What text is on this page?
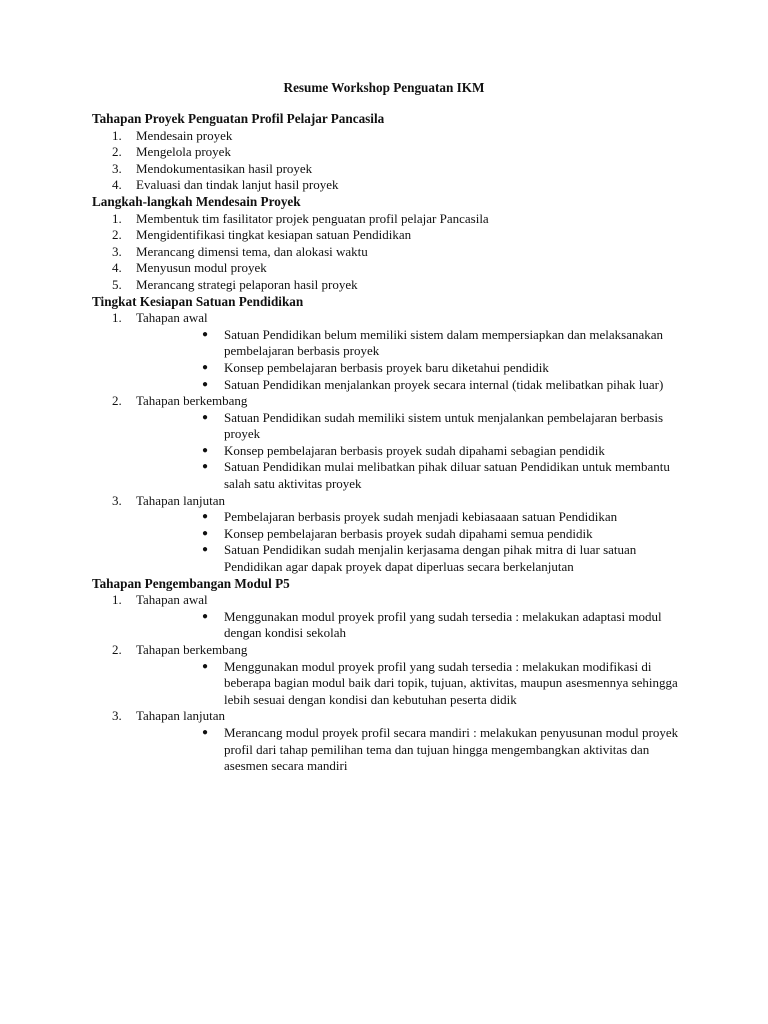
Resume Workshop Penguatan IKM
Tahapan Proyek Penguatan Profil Pelajar Pancasila
1.	Mendesain proyek
2.	Mengelola proyek
3.	Mendokumentasikan hasil proyek
4.	Evaluasi dan tindak lanjut hasil proyek
Langkah-langkah Mendesain Proyek
1.	Membentuk tim fasilitator projek penguatan profil pelajar Pancasila
2.	Mengidentifikasi tingkat kesiapan satuan Pendidikan
3.	Merancang dimensi tema, dan alokasi waktu
4.	Menyusun modul proyek
5.	Merancang strategi pelaporan hasil proyek
Tingkat Kesiapan Satuan Pendidikan
1.	Tahapan awal
● Satuan Pendidikan belum memiliki sistem dalam mempersiapkan dan melaksanakan pembelajaran berbasis proyek
● Konsep pembelajaran berbasis proyek baru diketahui pendidik
● Satuan Pendidikan menjalankan proyek secara internal (tidak melibatkan pihak luar)
2.	Tahapan berkembang
● Satuan Pendidikan sudah memiliki sistem untuk menjalankan pembelajaran berbasis proyek
● Konsep pembelajaran berbasis proyek sudah dipahami sebagian pendidik
● Satuan Pendidikan mulai melibatkan pihak diluar satuan Pendidikan untuk membantu salah satu aktivitas proyek
3.	Tahapan lanjutan
● Pembelajaran berbasis proyek sudah menjadi kebiasaaan satuan Pendidikan
● Konsep pembelajaran berbasis proyek sudah dipahami semua pendidik
● Satuan Pendidikan sudah menjalin kerjasama dengan pihak mitra di luar satuan Pendidikan agar dapak proyek dapat diperluas secara berkelanjutan
Tahapan Pengembangan Modul P5
1.	Tahapan awal
● Menggunakan modul proyek profil yang sudah tersedia : melakukan adaptasi modul dengan kondisi sekolah
2.	Tahapan berkembang
● Menggunakan modul proyek profil yang sudah tersedia : melakukan modifikasi di beberapa bagian modul baik dari topik, tujuan, aktivitas, maupun asesmennya sehingga lebih sesuai dengan kondisi dan kebutuhan peserta didik
3.	Tahapan lanjutan
● Merancang modul proyek profil secara mandiri : melakukan penyusunan modul proyek profil dari tahap pemilihan tema dan tujuan hingga mengembangkan aktivitas dan asesmen secara mandiri
